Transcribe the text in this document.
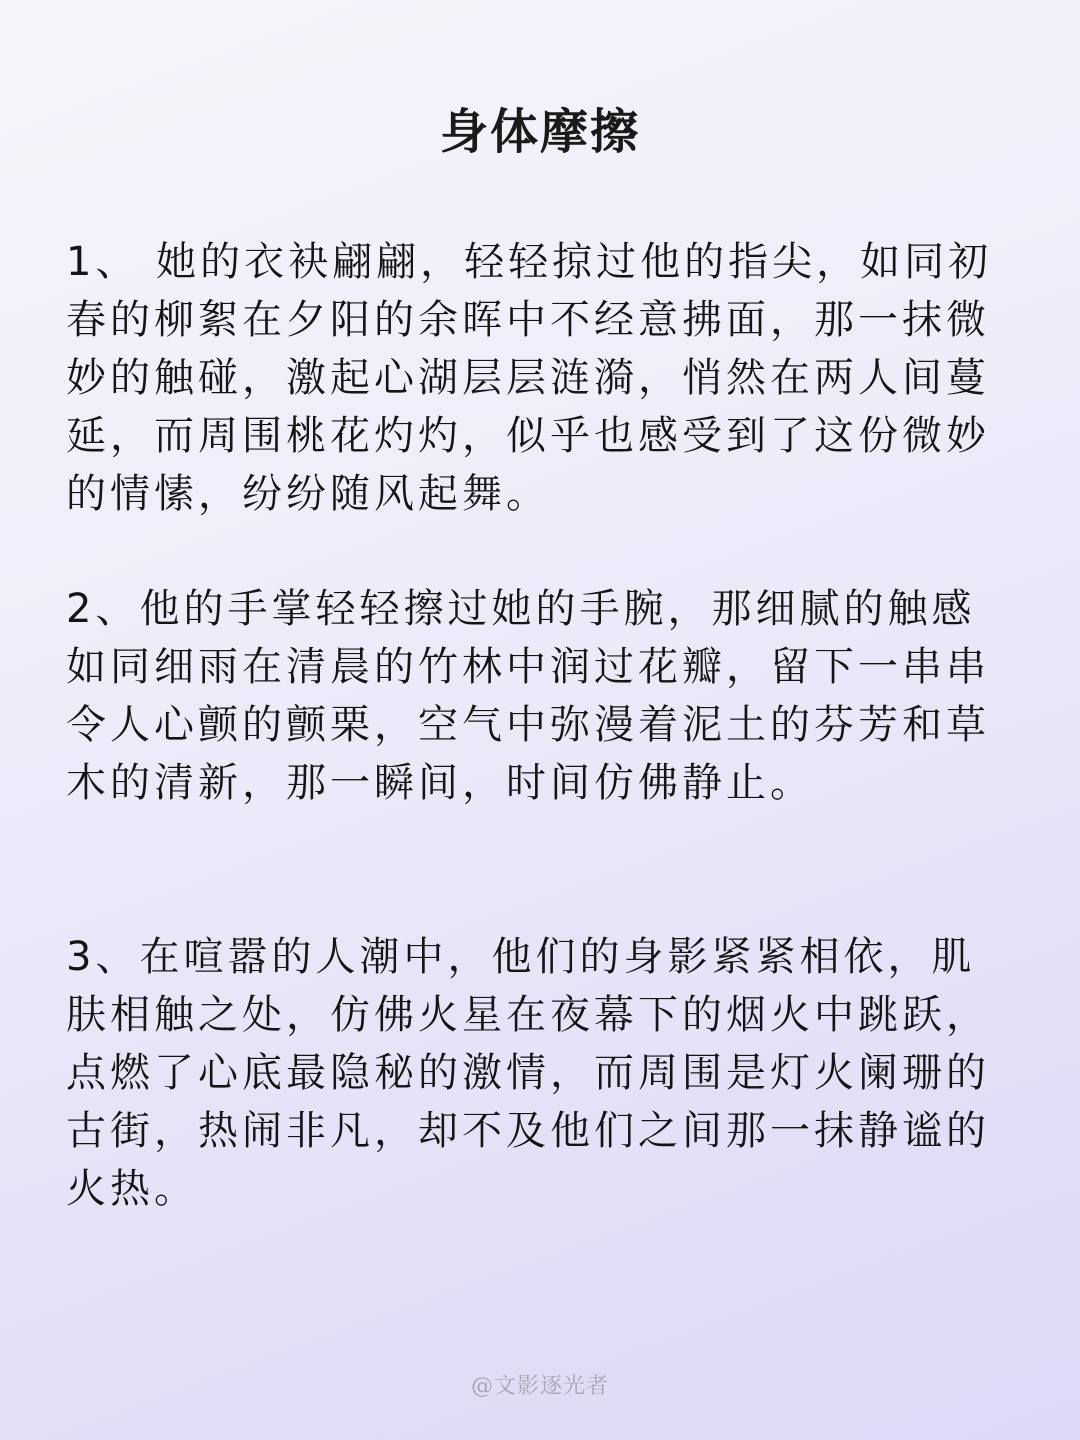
身体摩擦
1、 她的衣袂翩翩，轻轻掠过他的指尖，如同初春的柳絮在夕阳的余晖中不经意拂面，那一抹微妙的触碰，激起心湖层层涟漪，悄然在两人间蔓延，而周围桃花灼灼，似乎也感受到了这份微妙的情愫，纷纷随风起舞。
2、他的手掌轻轻擦过她的手腕，那细腻的触感如同细雨在清晨的竹林中润过花瓣，留下一串串令人心颤的颤栗，空气中弥漫着泥土的芬芳和草木的清新，那一瞬间，时间仿佛静止。
3、在喧嚣的人潮中，他们的身影紧紧相依，肌肤相触之处，仿佛火星在夜幕下的烟火中跳跃，点燃了心底最隐秘的激情，而周围是灯火阑珊的古街，热闹非凡，却不及他们之间那一抹静谧的火热。
@文影逐光者
